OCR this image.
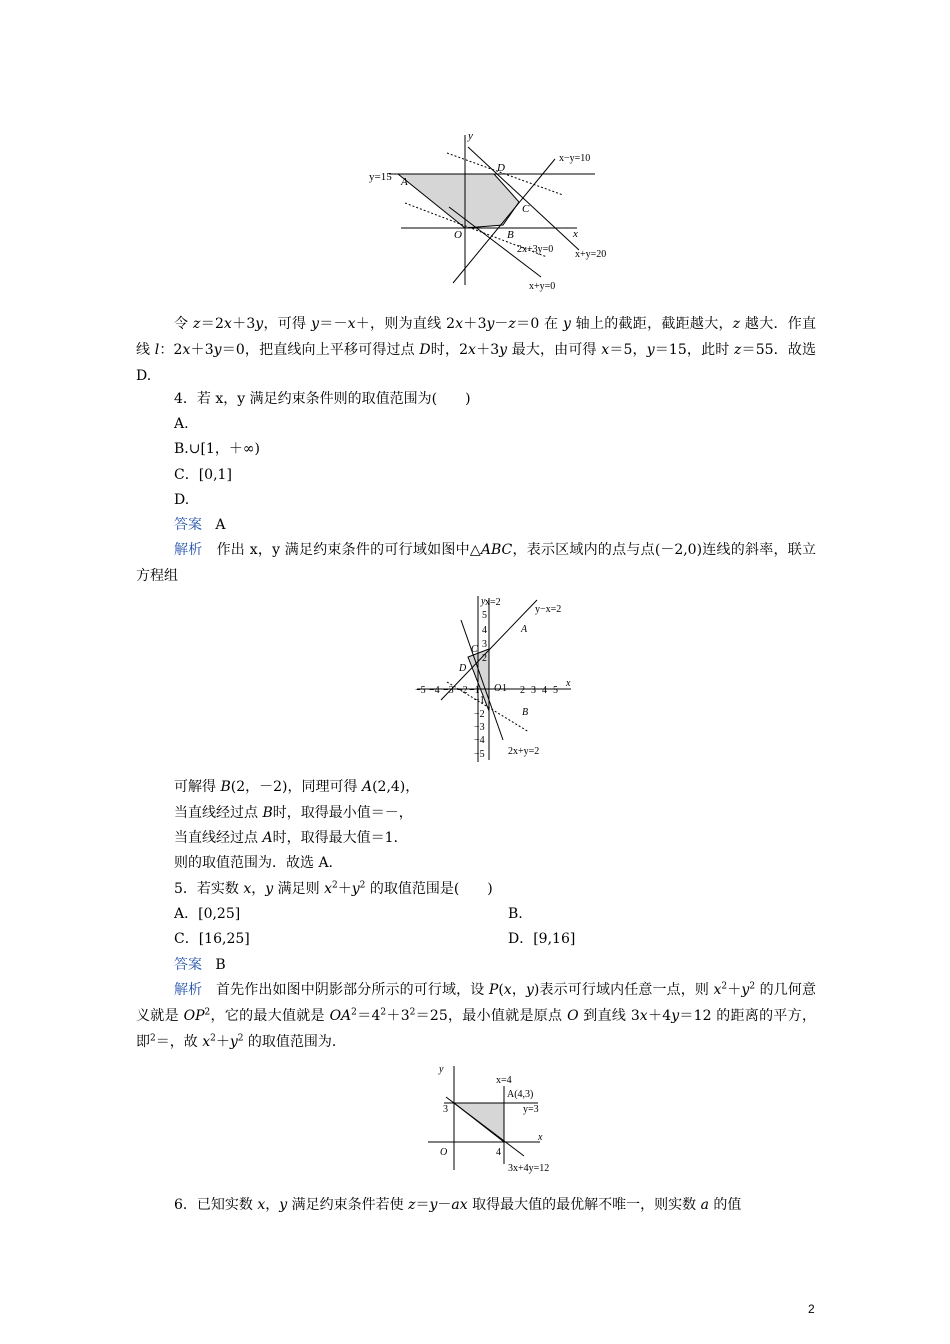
y
x
y=15 A
D
C
O	B
x−y=10
2x+3y=0 x+y=20
x+y=0
令 z＝2x＋3y，可得 y＝－x＋，则为直线 2x＋3y－z＝0 在 y 轴上的截距，截距越大，z 越大．作直线 l：2x＋3y＝0，把直线向上平移可得过点 D时，2x＋3y 最大，由可得 x＝5，y＝15，此时 z＝55．故选 D.
4．若 x，y 满足约束条件则的取值范围为(　　)
A.
B.∪[1，＋∞)
C．[0,1]
D.
答案 A
解析 作出 x，y 满足约束条件的可行域如图中△ABC，表示区域内的点与点(－2,0)连线的斜率，联立方程组
y
x
x=2
y−x=2
2x+y=2
A
B
C
D
O 1
−5 −4 −3 −2 −1	2 3 4 5
5
4
3
2
−1
−2
−3
−4
−5
可解得 B(2，－2)，同理可得 A(2,4)，
当直线经过点 B时，取得最小值＝－，
当直线经过点 A时，取得最大值＝1.
则的取值范围为．故选 A.
5．若实数 x，y 满足则 $x^2+y^2$ 的取值范围是(　　)
A．[0,25]	B.
C．[16,25]	D．[9,16]
答案 B
解析 首先作出如图中阴影部分所示的可行域，设 P(x，y)表示可行域内任意一点，则 $x^2+y^2$ 的几何意义就是 $OP^2$，它的最大值就是 $OA^2=4^2+3^2=25$，最小值就是原点 O 到直线 3x＋4y＝12 的距离的平方，即$^2$＝，故 $x^2+y^2$ 的取值范围为．
y
x
x=4
A(4,3)
y=3
3
4
O
3x+4y=12
6．已知实数 x，y 满足约束条件若使 z＝y－ax 取得最大值的最优解不唯一，则实数 a 的值
2
